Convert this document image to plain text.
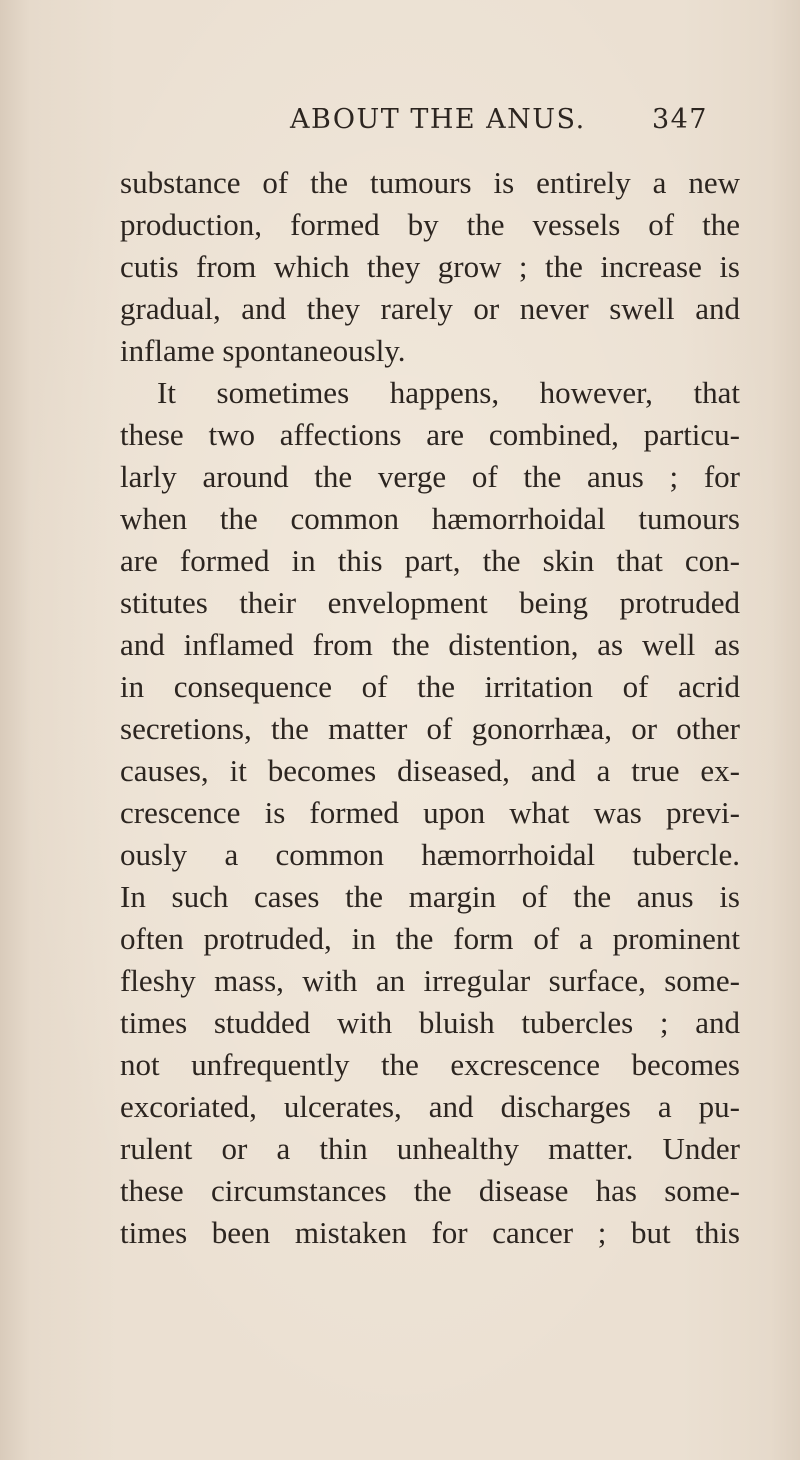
ABOUT THE ANUS. 347
substance of the tumours is entirely a new
production, formed by the vessels of the
cutis from which they grow ; the increase is
gradual, and they rarely or never swell and
inflame spontaneously.
It sometimes happens, however, that
these two affections are combined, particu-
larly around the verge of the anus ; for
when the common hæmorrhoidal tumours
are formed in this part, the skin that con-
stitutes their envelopment being protruded
and inflamed from the distention, as well as
in consequence of the irritation of acrid
secretions, the matter of gonorrhæa, or other
causes, it becomes diseased, and a true ex-
crescence is formed upon what was previ-
ously a common hæmorrhoidal tubercle.
In such cases the margin of the anus is
often protruded, in the form of a prominent
fleshy mass, with an irregular surface, some-
times studded with bluish tubercles ; and
not unfrequently the excrescence becomes
excoriated, ulcerates, and discharges a pu-
rulent or a thin unhealthy matter. Under
these circumstances the disease has some-
times been mistaken for cancer ; but this
